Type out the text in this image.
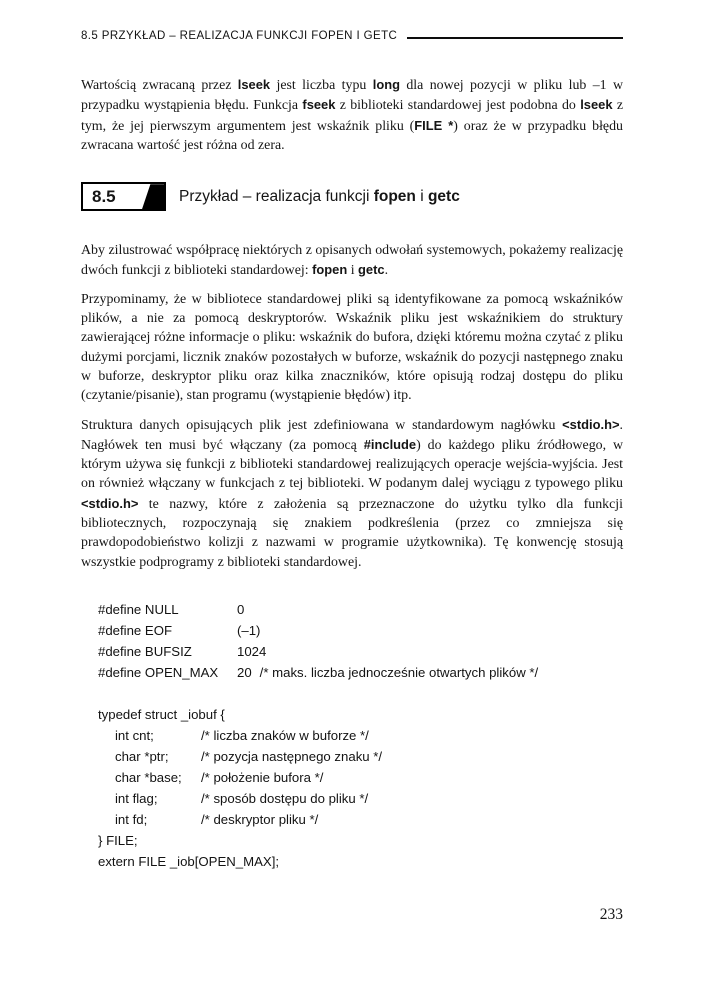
8.5 PRZYKŁAD – REALIZACJA FUNKCJI FOPEN I GETC

Wartością zwracaną przez lseek jest liczba typu long dla nowej pozycji w pliku lub –1 w przypadku wystąpienia błędu. Funkcja fseek z biblioteki standardowej jest podobna do lseek z tym, że jej pierwszym argumentem jest wskaźnik pliku (FILE *) oraz że w przypadku błędu zwracana wartość jest różna od zera.

8.5	Przykład – realizacja funkcji fopen i getc

Aby zilustrować współpracę niektórych z opisanych odwołań systemowych, pokażemy realizację dwóch funkcji z biblioteki standardowej: fopen i getc.

Przypominamy, że w bibliotece standardowej pliki są identyfikowane za pomocą wskaźników plików, a nie za pomocą deskryptorów. Wskaźnik pliku jest wskaźnikiem do struktury zawierającej różne informacje o pliku: wskaźnik do bufora, dzięki któremu można czytać z pliku dużymi porcjami, licznik znaków pozostałych w buforze, wskaźnik do pozycji następnego znaku w buforze, deskryptor pliku oraz kilka znaczników, które opisują rodzaj dostępu do pliku (czytanie/pisanie), stan programu (wystąpienie błędów) itp.

Struktura danych opisujących plik jest zdefiniowana w standardowym nagłówku <stdio.h>. Nagłówek ten musi być włączany (za pomocą #include) do każdego pliku źródłowego, w którym używa się funkcji z biblioteki standardowej realizujących operacje wejścia-wyjścia. Jest on również włączany w funkcjach z tej biblioteki. W podanym dalej wyciągu z typowego pliku <stdio.h> te nazwy, które z założenia są przeznaczone do użytku tylko dla funkcji bibliotecznych, rozpoczynają się znakiem podkreślenia (przez co zmniejsza się prawdopodobieństwo kolizji z nazwami w programie użytkownika). Tę konwencję stosują wszystkie podprogramy z biblioteki standardowej.

#define NULL	0
#define EOF	(–1)
#define BUFSIZ	1024
#define OPEN_MAX	20 /* maks. liczba jednocześnie otwartych plików */
typedef struct _iobuf {
int cnt;	/* liczba znaków w buforze */
char *ptr;	/* pozycja następnego znaku */
char *base;	/* położenie bufora */
int flag;	/* sposób dostępu do pliku */
int fd;	/* deskryptor pliku */
} FILE;
extern FILE _iob[OPEN_MAX];
233
